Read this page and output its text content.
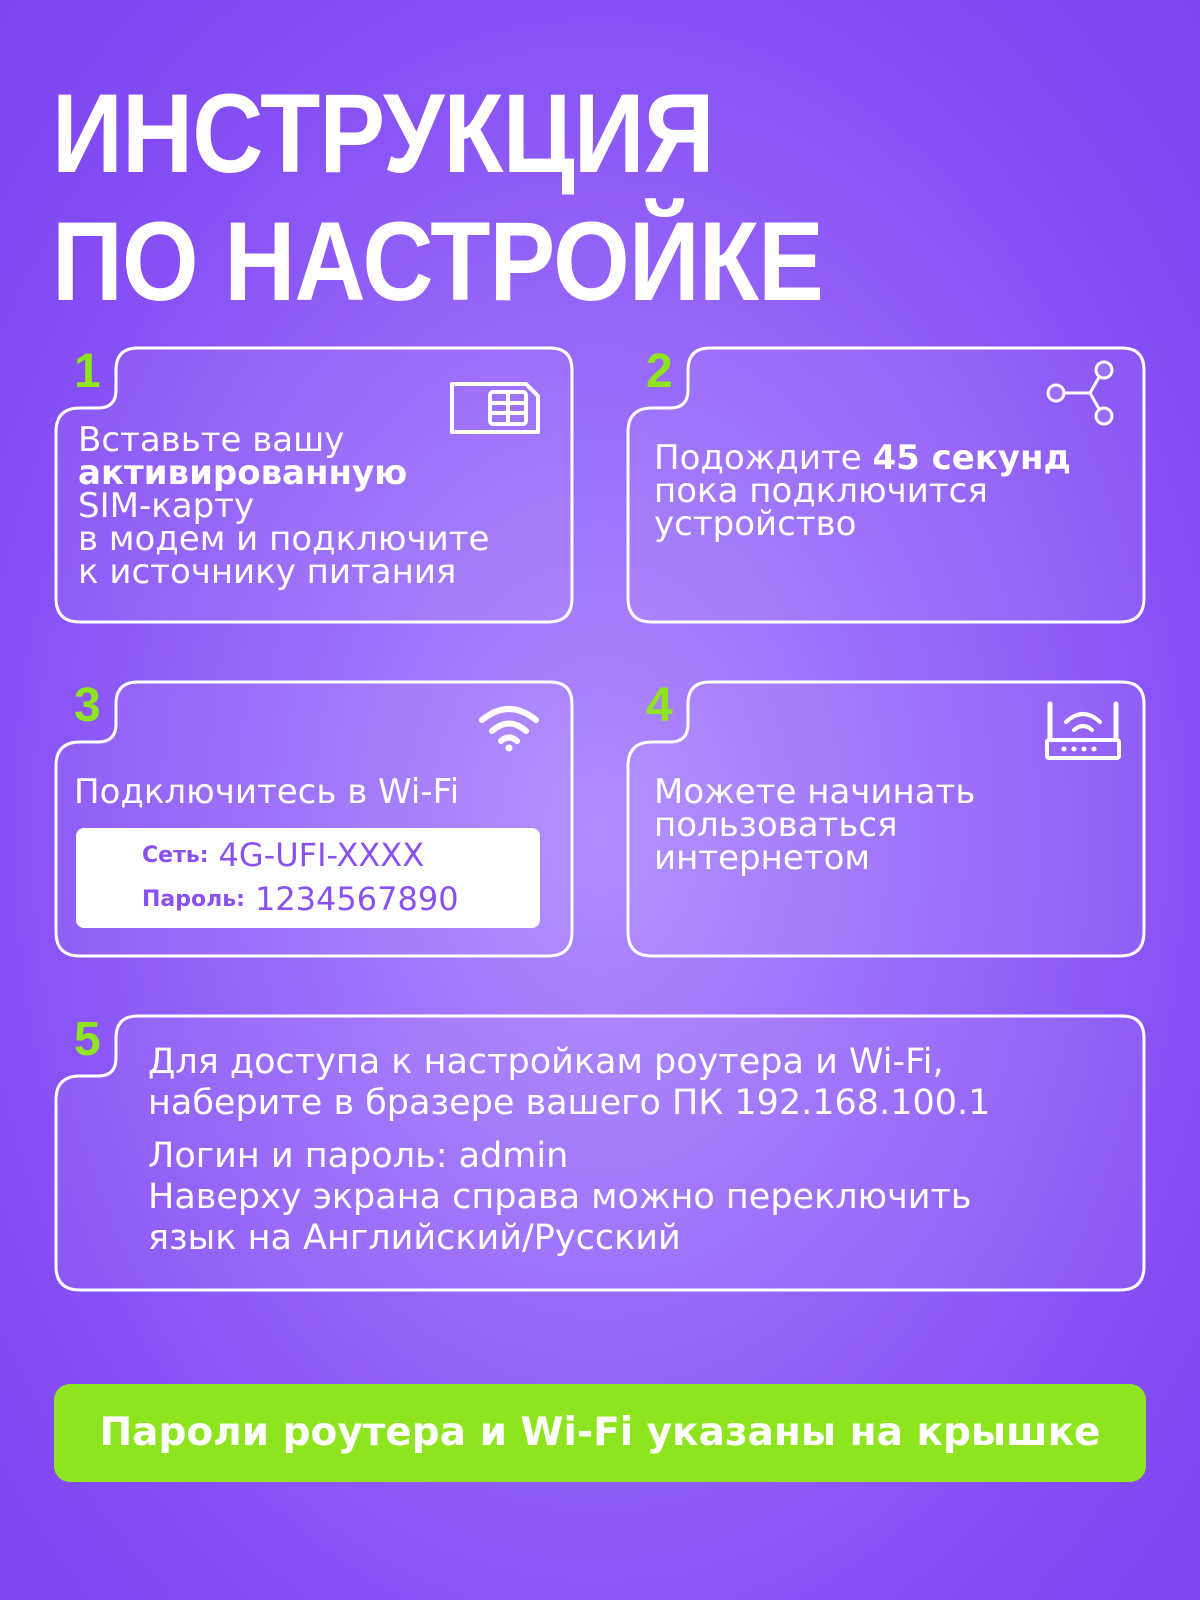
ИНСТРУКЦИЯ
ПО НАСТРОЙКЕ
1
Вставьте вашу
активированную
SIM-карту
в модем и подключите
к источнику питания
2
Подождите 45 секунд
пока подключится
устройство
3
Подключитесь в Wi-Fi
Сеть: 4G-UFI-XXXX
Пароль: 1234567890
4
Можете начинать
пользоваться
интернетом
5 Для доступа к настройкам роутера и Wi-Fi,
наберите в бразере вашего ПК 192.168.100.1
Логин и пароль: admin
Наверху экрана справа можно переключить
язык на Английский/Русский
Пароли роутера и Wi-Fi указаны на крышке
